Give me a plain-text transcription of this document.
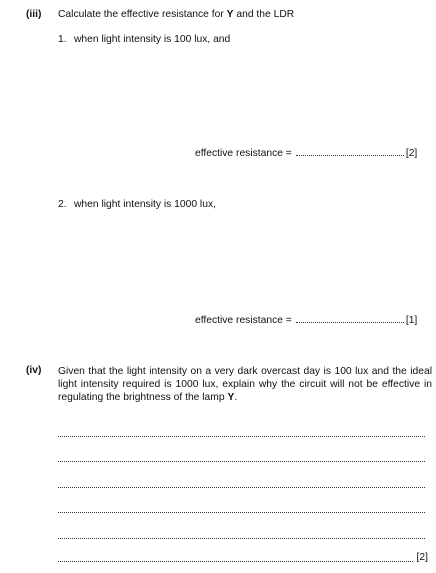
(iii) Calculate the effective resistance for Y and the LDR
1. when light intensity is 100 lux, and
effective resistance =	[2]
2. when light intensity is 1000 lux,
effective resistance =	[1]
(iv) Given that the light intensity on a very dark overcast day is 100 lux and the ideal light intensity required is 1000 lux, explain why the circuit will not be effective in regulating the brightness of the lamp Y.
[2]
